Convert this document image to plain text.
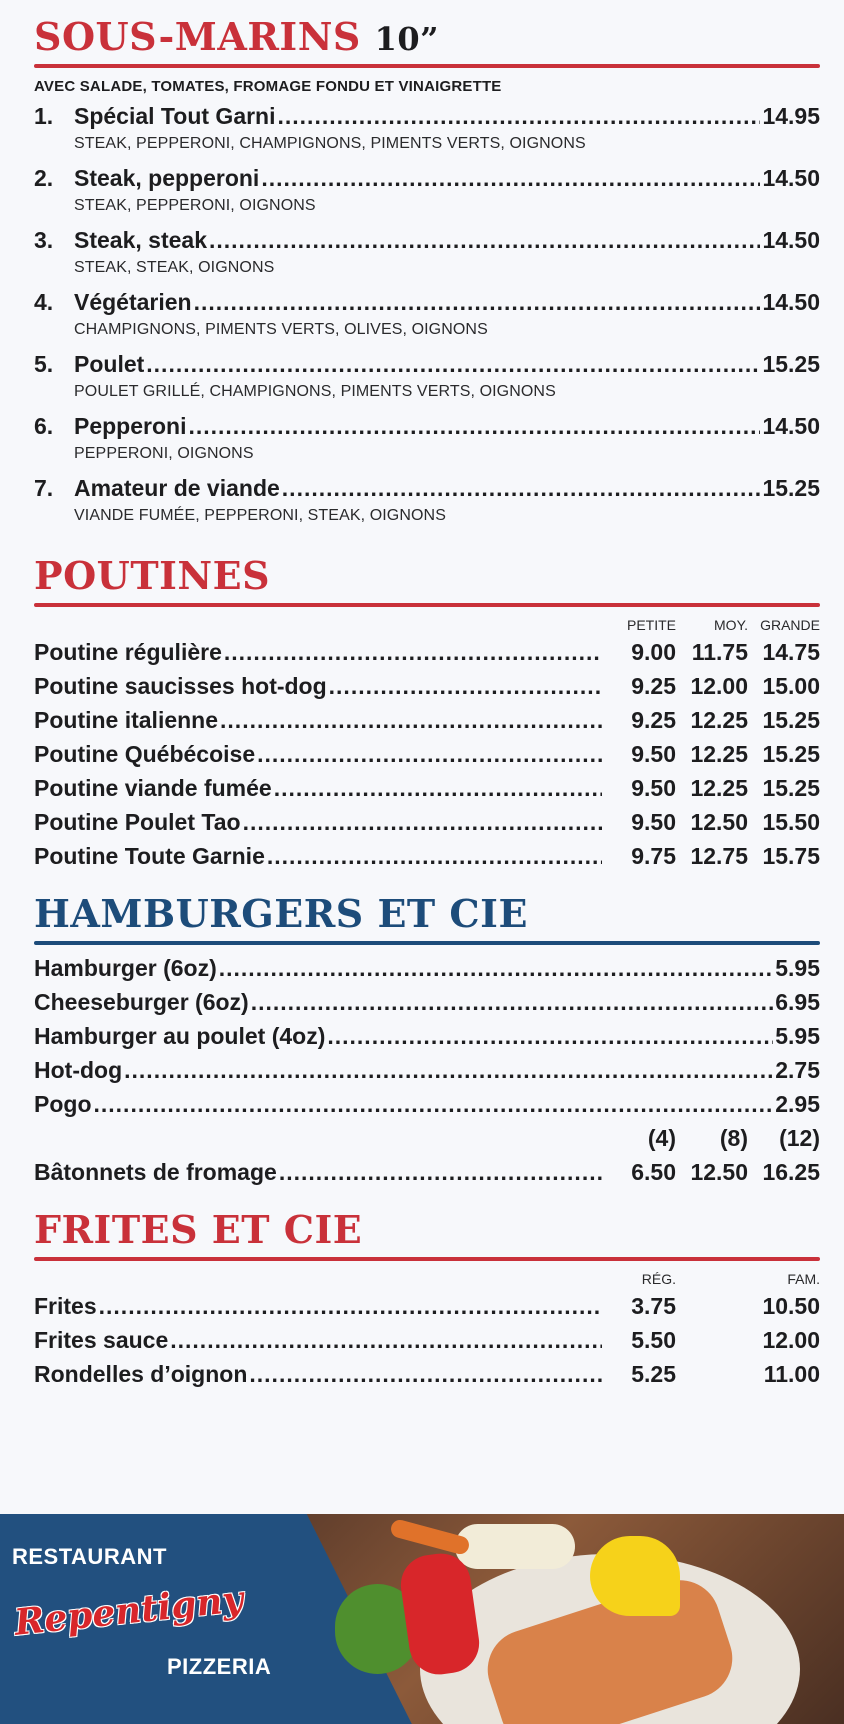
SOUS-MARINS 10”
AVEC SALADE, TOMATES, FROMAGE FONDU ET VINAIGRETTE
1. Spécial Tout Garni .....	14.95
STEAK, PEPPERONI, CHAMPIGNONS, PIMENTS VERTS, OIGNONS
2. Steak, pepperoni .....	14.50
STEAK, PEPPERONI, OIGNONS
3. Steak, steak .....	14.50
STEAK, STEAK, OIGNONS
4. Végétarien .....	14.50
CHAMPIGNONS, PIMENTS VERTS, OLIVES, OIGNONS
5. Poulet .....	15.25
POULET GRILLÉ, CHAMPIGNONS, PIMENTS VERTS, OIGNONS
6. Pepperoni .....	14.50
PEPPERONI, OIGNONS
7. Amateur de viande .....	15.25
VIANDE FUMÉE, PEPPERONI, STEAK, OIGNONS
POUTINES
PETITE	MOY. GRANDE
Poutine régulière .....	9.00 11.75 14.75
Poutine saucisses hot-dog .....	9.25 12.00 15.00
Poutine italienne .....	9.25 12.25 15.25
Poutine Québécoise .....	9.50 12.25 15.25
Poutine viande fumée .....	9.50 12.25 15.25
Poutine Poulet Tao .....	9.50 12.50 15.50
Poutine Toute Garnie .....	9.75 12.75 15.75
HAMBURGERS ET CIE
Hamburger (6oz) .....	5.95
Cheeseburger (6oz) .....	6.95
Hamburger au poulet (4oz) .....	5.95
Hot-dog .....	2.75
Pogo .....	2.95
(4)	(8)	(12)
Bâtonnets de fromage .....	6.50 12.50 16.25
FRITES ET CIE
RÉG.	FAM.
Frites .....	3.75	10.50
Frites sauce .....	5.50	12.00
Rondelles d’oignon .....	5.25	11.00
RESTAURANT
Repentigny
PIZZERIA
